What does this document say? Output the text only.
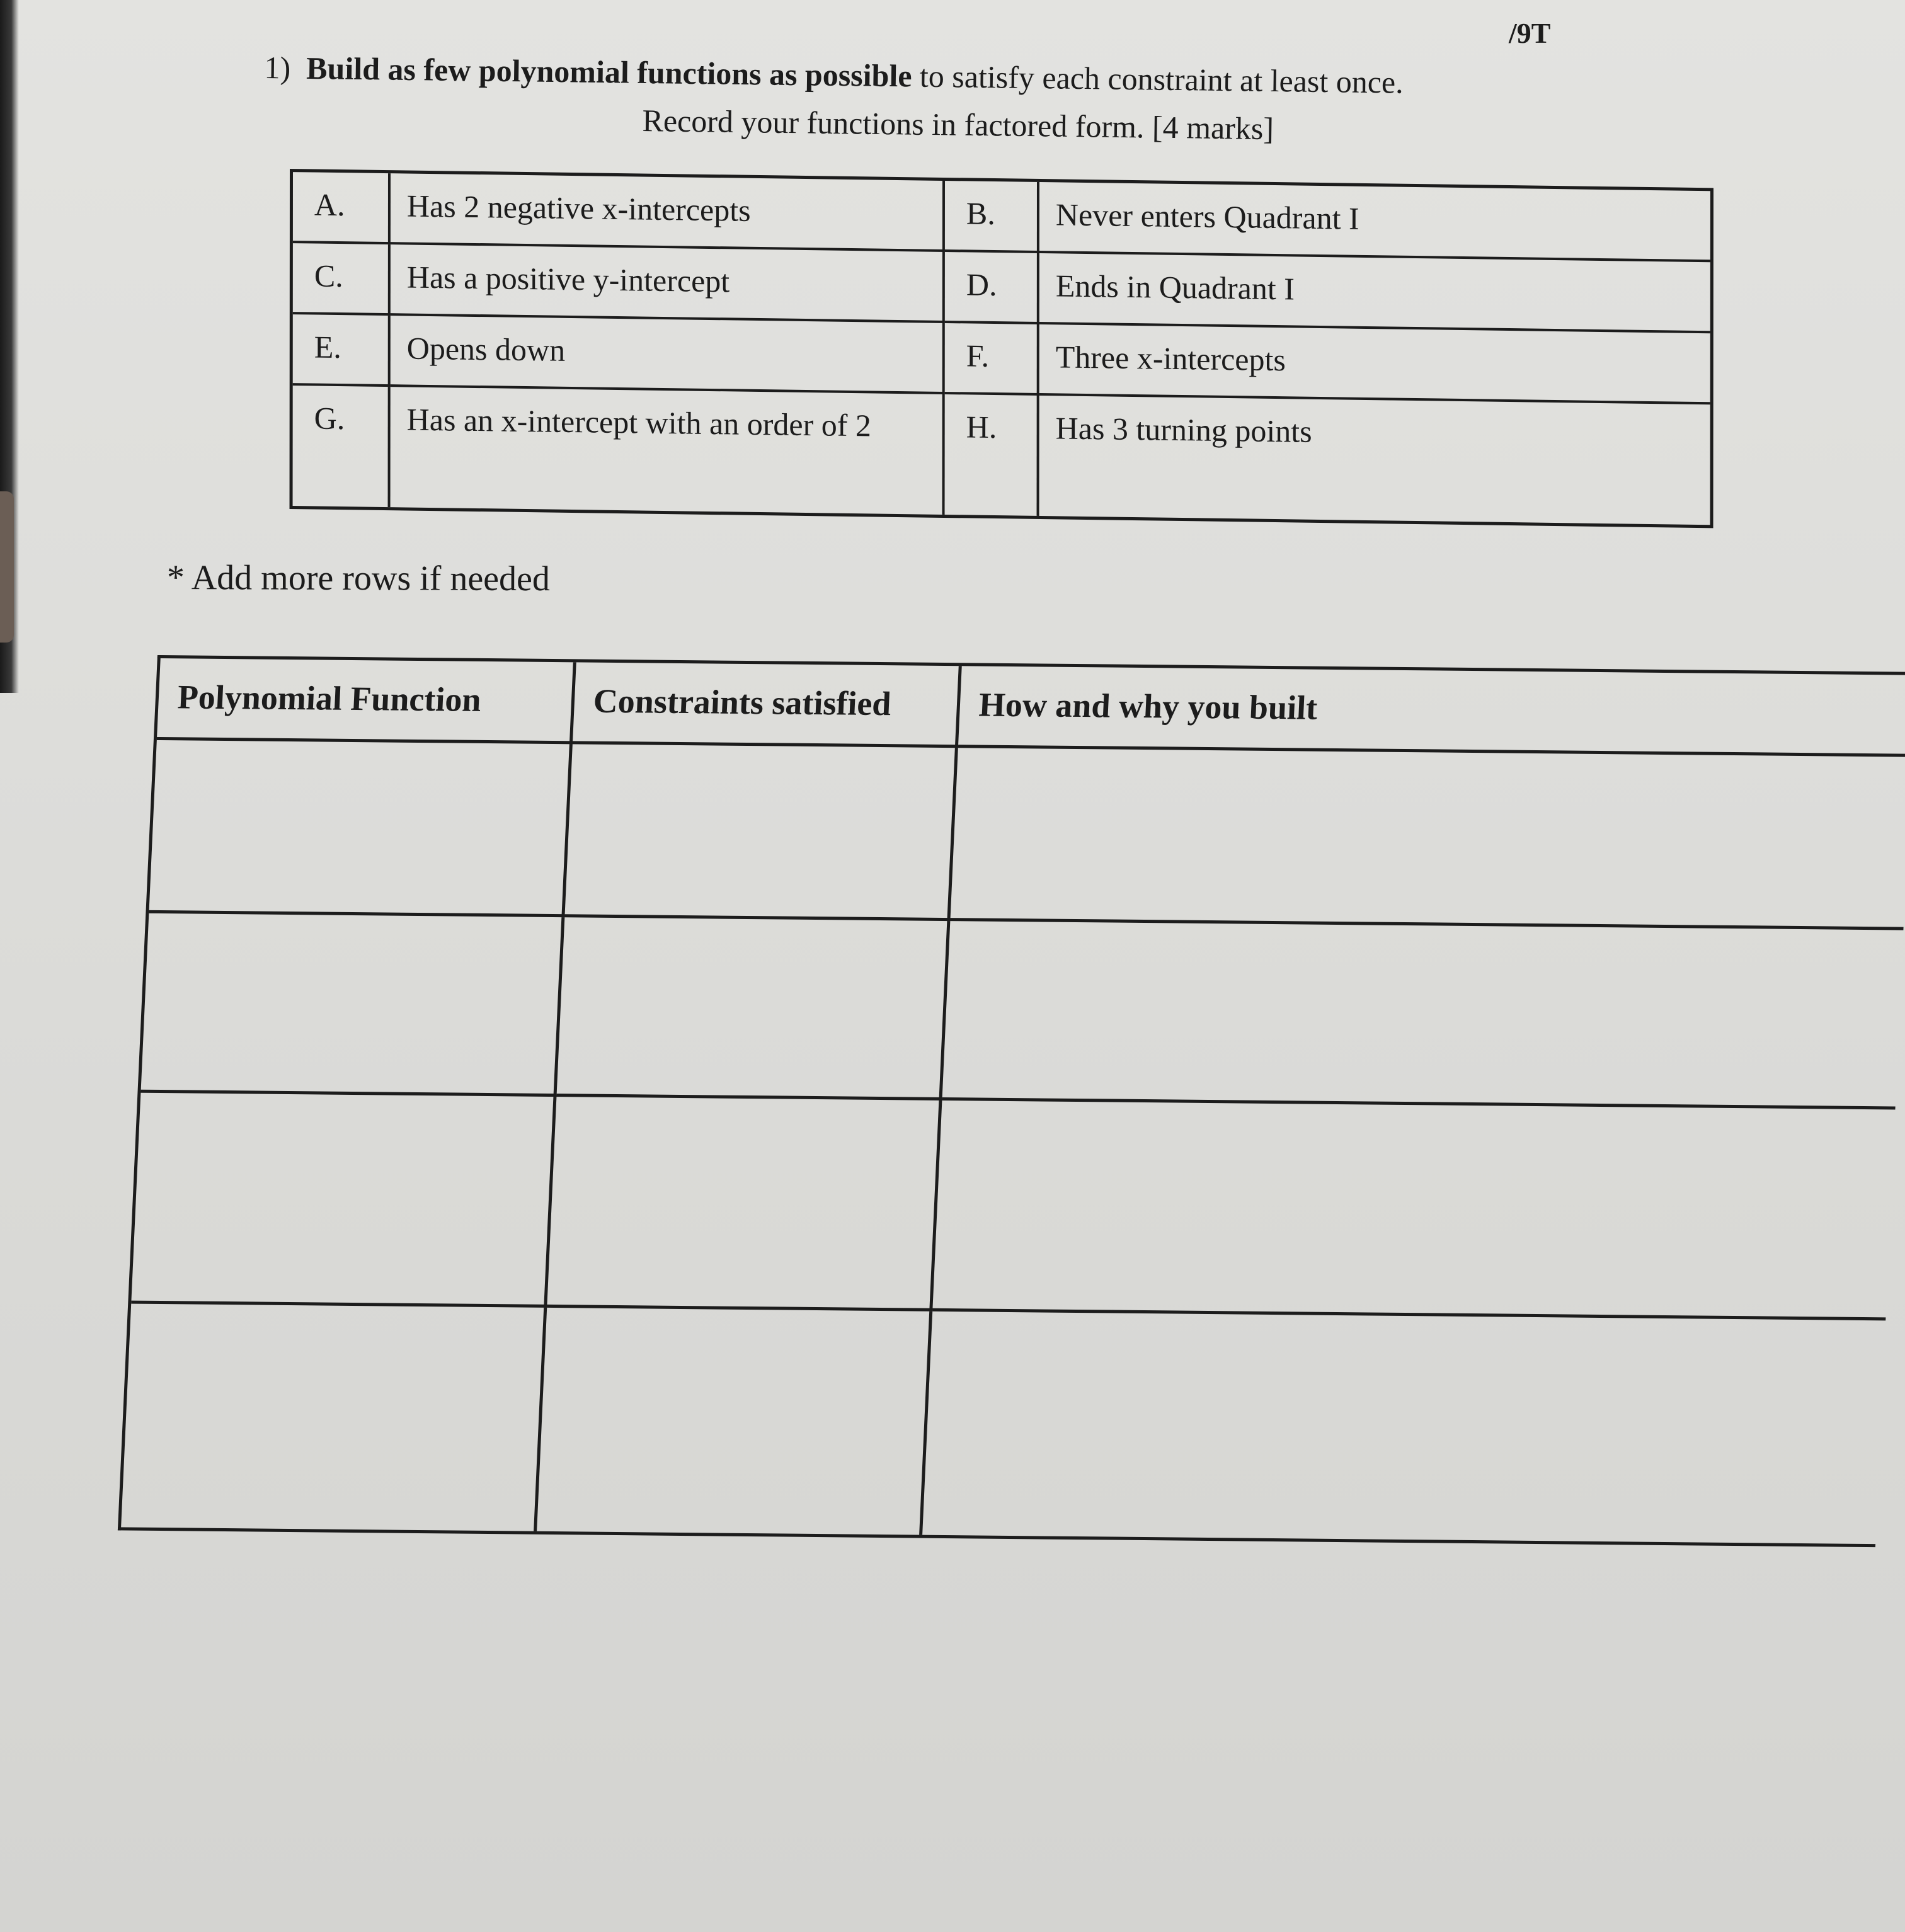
/9T
1) Build as few polynomial functions as possible to satisfy each constraint at least once.
Record your functions in factored form. [4 marks]
A.	Has 2 negative x-intercepts	B.	Never enters Quadrant I
C.	Has a positive y-intercept	D.	Ends in Quadrant I
E.	Opens down	F.	Three x-intercepts
G.	Has an x-intercept with an order of 2	H.	Has 3 turning points
* Add more rows if needed
Polynomial Function	Constraints satisfied	How and why you built
